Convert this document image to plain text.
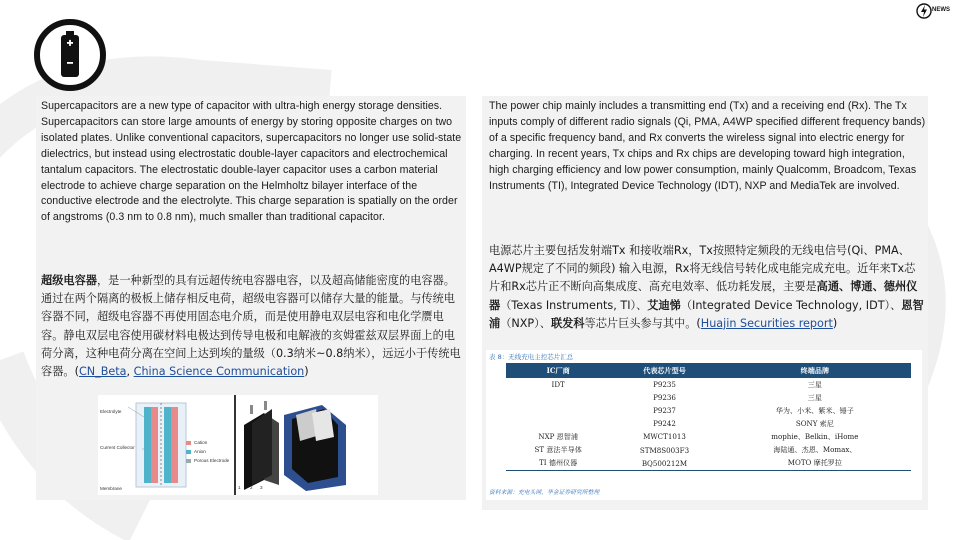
NEWS

Supercapacitors are a new type of capacitor with ultra-high energy storage densities. Supercapacitors can store large amounts of energy by storing opposite charges on two isolated plates. Unlike conventional capacitors, supercapacitors no longer use solid-state dielectrics, but instead using electrostatic double-layer capacitors and electrochemical tantalum capacitors. The electrostatic double-layer capacitor uses a carbon material electrode to achieve charge separation on the Helmholtz bilayer interface of the conductive electrode and the electrolyte. This charge separation is spatially on the order of angstroms (0.3 nm to 0.8 nm), much smaller than traditional capacitor.

超级电容器，是一种新型的具有远超传统电容器电容，以及超高储能密度的电容器。通过在两个隔离的极板上储存相反电荷，超级电容器可以储存大量的能量。与传统电容器不同，超级电容器不再使用固态电介质，而是使用静电双层电容和电化学赝电容。静电双层电容使用碳材料电极达到传导电极和电解液的亥姆霍兹双层界面上的电荷分离，这种电荷分离在空间上达到埃的量级（0.3纳米~0.8纳米），远远小于传统电容器。(CN_Beta, China Science Communication)

Electrolyte
Current Collector
Membrane
Cation
Anion
Porous Electrode
1 2 3

The power chip mainly includes a transmitting end (Tx) and a receiving end (Rx). The Tx inputs comply of different radio signals (Qi, PMA, A4WP specified different frequency bands) of a specific frequency band, and Rx converts the wireless signal into electric energy for charging. In recent years, Tx chips and Rx chips are developing toward high integration, high charging efficiency and low power consumption, mainly Qualcomm, Broadcom, Texas Instruments (TI), Integrated Device Technology (IDT), NXP and MediaTek are involved.

电源芯片主要包括发射端Tx 和接收端Rx，Tx按照特定频段的无线电信号(Qi、PMA、A4WP规定了不同的频段) 输入电源，Rx将无线信号转化成电能完成充电。近年来Tx芯片和Rx芯片正不断向高集成度、高充电效率、低功耗发展，主要是高通、博通、德州仪器（Texas Instruments, TI）、艾迪悌（Integrated Device Technology, IDT）、恩智浦（NXP）、联发科等芯片巨头参与其中。(Huajin Securities report)

表 8：无线充电主控芯片汇总
IC厂商	代表芯片型号	终端品牌
IDT	P9235	三星
	P9236	三星
	P9237	华为、小米、紫米、锤子
	P9242	SONY 索尼
NXP 恩智浦	MWCT1013	mophie、Belkin、iHome
ST 意法半导体	STM8S003F3	海陆通、杰恩、Momax、
TI 德州仪器	BQ500212M	MOTO 摩托罗拉
资料来源：充电头网、华金证券研究所整理
